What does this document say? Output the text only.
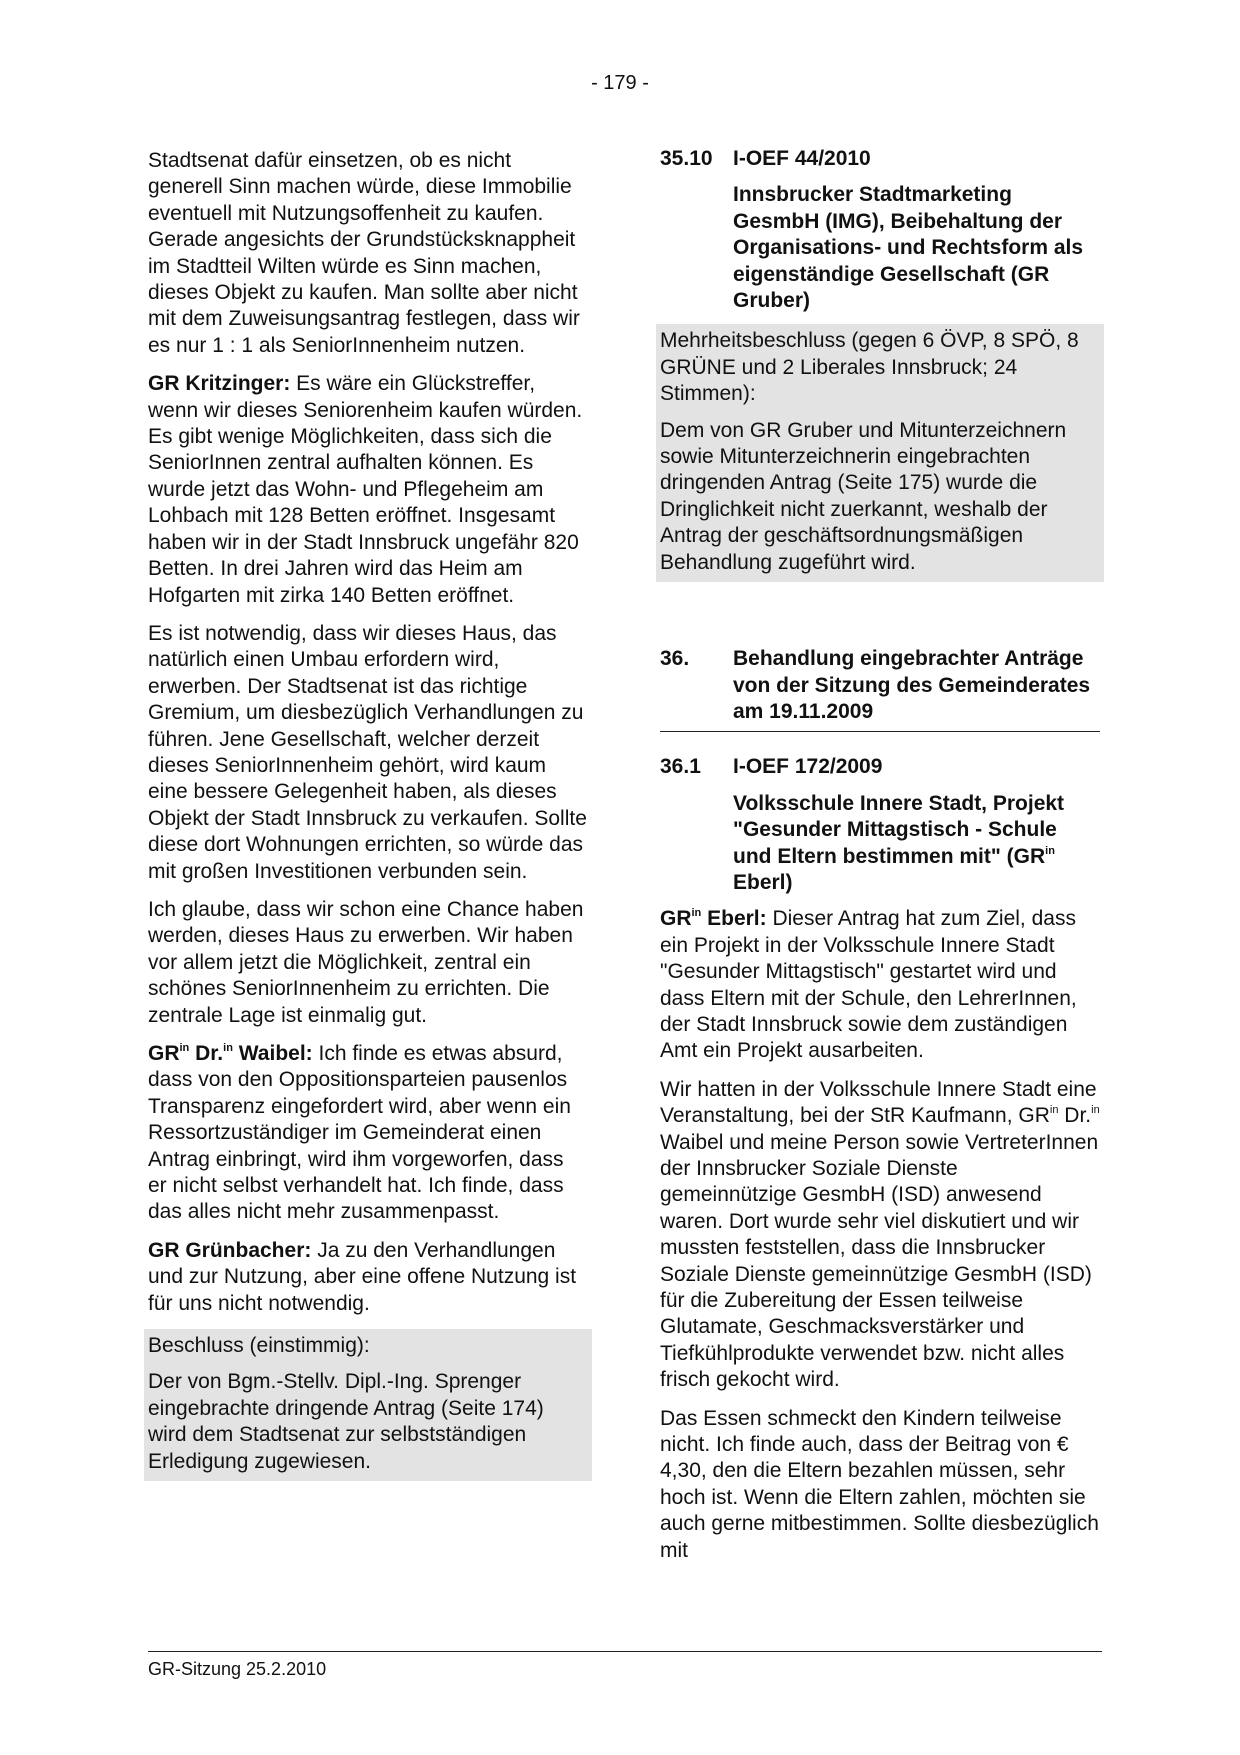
- 179 -

Stadtsenat dafür einsetzen, ob es nicht generell Sinn machen würde, diese Immobilie eventuell mit Nutzungsoffenheit zu kaufen. Gerade angesichts der Grundstücksknappheit im Stadtteil Wilten würde es Sinn machen, dieses Objekt zu kaufen. Man sollte aber nicht mit dem Zuweisungsantrag festlegen, dass wir es nur 1 : 1 als SeniorInnenheim nutzen.

GR Kritzinger: Es wäre ein Glückstreffer, wenn wir dieses Seniorenheim kaufen würden. Es gibt wenige Möglichkeiten, dass sich die SeniorInnen zentral aufhalten können. Es wurde jetzt das Wohn- und Pflegeheim am Lohbach mit 128 Betten eröffnet. Insgesamt haben wir in der Stadt Innsbruck ungefähr 820 Betten. In drei Jahren wird das Heim am Hofgarten mit zirka 140 Betten eröffnet.

Es ist notwendig, dass wir dieses Haus, das natürlich einen Umbau erfordern wird, erwerben. Der Stadtsenat ist das richtige Gremium, um diesbezüglich Verhandlungen zu führen. Jene Gesellschaft, welcher derzeit dieses SeniorInnenheim gehört, wird kaum eine bessere Gelegenheit haben, als dieses Objekt der Stadt Innsbruck zu verkaufen. Sollte diese dort Wohnungen errichten, so würde das mit großen Investitionen verbunden sein.

Ich glaube, dass wir schon eine Chance haben werden, dieses Haus zu erwerben. Wir haben vor allem jetzt die Möglichkeit, zentral ein schönes SeniorInnenheim zu errichten. Die zentrale Lage ist einmalig gut.

$GR^{in}$ Dr.$^{in}$ Waibel: Ich finde es etwas absurd, dass von den Oppositionsparteien pausenlos Transparenz eingefordert wird, aber wenn ein Ressortzuständiger im Gemeinderat einen Antrag einbringt, wird ihm vorgeworfen, dass er nicht selbst verhandelt hat. Ich finde, dass das alles nicht mehr zusammenpasst.

GR Grünbacher: Ja zu den Verhandlungen und zur Nutzung, aber eine offene Nutzung ist für uns nicht notwendig.

Beschluss (einstimmig):

Der von Bgm.-Stellv. Dipl.-Ing. Sprenger eingebrachte dringende Antrag (Seite 174) wird dem Stadtsenat zur selbstständigen Erledigung zugewiesen.

35.10 I-OEF 44/2010
Innsbrucker Stadtmarketing GesmbH (IMG), Beibehaltung der Organisations- und Rechtsform als eigenständige Gesellschaft (GR Gruber)

Mehrheitsbeschluss (gegen 6 ÖVP, 8 SPÖ, 8 GRÜNE und 2 Liberales Innsbruck; 24 Stimmen):

Dem von GR Gruber und Mitunterzeichnern sowie Mitunterzeichnerin eingebrachten dringenden Antrag (Seite 175) wurde die Dringlichkeit nicht zuerkannt, weshalb der Antrag der geschäftsordnungsmäßigen Behandlung zugeführt wird.

36. Behandlung eingebrachter Anträge von der Sitzung des Gemeinderates am 19.11.2009
36.1 I-OEF 172/2009
Volksschule Innere Stadt, Projekt "Gesunder Mittagstisch - Schule und Eltern bestimmen mit" ($GR^{in}$ Eberl)

$GR^{in}$ Eberl: Dieser Antrag hat zum Ziel, dass ein Projekt in der Volksschule Innere Stadt "Gesunder Mittagstisch" gestartet wird und dass Eltern mit der Schule, den LehrerInnen, der Stadt Innsbruck sowie dem zuständigen Amt ein Projekt ausarbeiten.

Wir hatten in der Volksschule Innere Stadt eine Veranstaltung, bei der StR Kaufmann, $GR^{in}$ Dr.$^{in}$ Waibel und meine Person sowie VertreterInnen der Innsbrucker Soziale Dienste gemeinnützige GesmbH (ISD) anwesend waren. Dort wurde sehr viel diskutiert und wir mussten feststellen, dass die Innsbrucker Soziale Dienste gemeinnützige GesmbH (ISD) für die Zubereitung der Essen teilweise Glutamate, Geschmacksverstärker und Tiefkühlprodukte verwendet bzw. nicht alles frisch gekocht wird.

Das Essen schmeckt den Kindern teilweise nicht. Ich finde auch, dass der Beitrag von € 4,30, den die Eltern bezahlen müssen, sehr hoch ist. Wenn die Eltern zahlen, möchten sie auch gerne mitbestimmen. Sollte diesbezüglich mit

GR-Sitzung 25.2.2010
